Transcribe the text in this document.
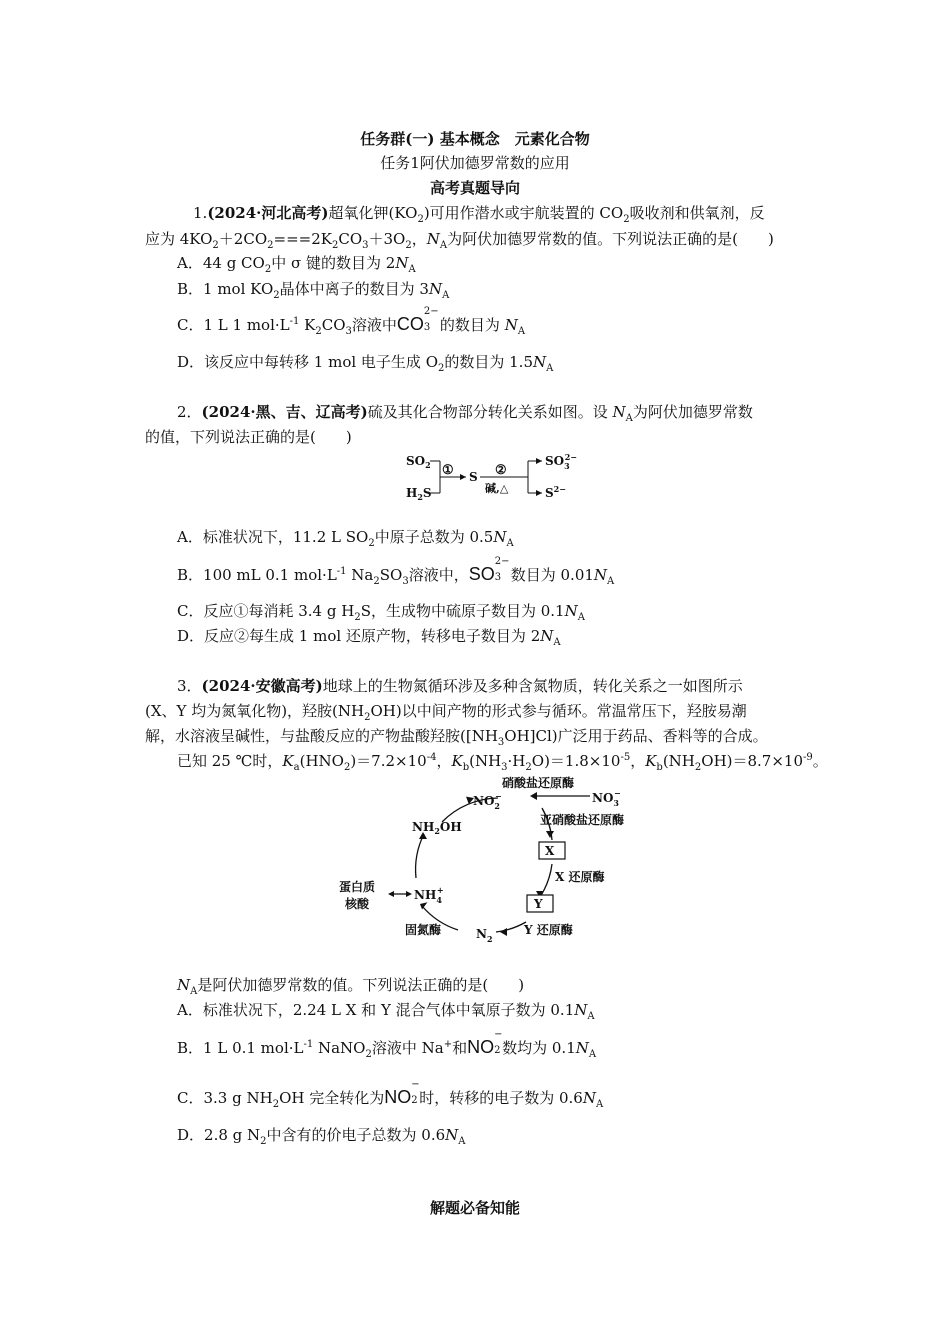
任务群(一) 基本概念　元素化合物
任务1阿伏加德罗常数的应用
高考真题导向
1.(2024·河北高考)超氧化钾$(KO_2)$可用作潜水或宇航装置的 $CO_2$吸收剂和供氧剂，反
应为 $4KO_2+2CO_2===2K_2CO_3+3O_2$，$N_A$为阿伏加德罗常数的值。下列说法正确的是(　　)
A．44 g $CO_2$中 σ 键的数目为 $2N_A$
B．1 mol $KO_2$晶体中离子的数目为 $3N_A$
C．1 L 1 $mol\cdot L^{-1}$ $K_2CO_3$溶液中CO
2−
3 的数目为 $N_A$
D．该反应中每转移 1 mol 电子生成 $O_2$的数目为 $1.5N_A$
2．(2024·黑、吉、辽高考)硫及其化合物部分转化关系如图。设 $N_A$为阿伏加德罗常数
的值，下列说法正确的是(　　)
$SO_2$
$H_2S$
① S ②
碱,△
$SO_32-$
$S^{2-}$
A．标准状况下，11.2 L $SO_2$中原子总数为 $0.5N_A$
B．100 mL 0.1 $mol\cdot L^{-1}$ $Na_2SO_3$溶液中，SO
2−
3 数目为 $0.01N_A$
C．反应①每消耗 3.4 g $H_2S$，生成物中硫原子数目为 $0.1N_A$
D．反应②每生成 1 mol 还原产物，转移电子数目为 $2N_A$
3．(2024·安徽高考)地球上的生物氮循环涉及多种含氮物质，转化关系之一如图所示
(X、Y 均为氮氧化物)，羟胺$(NH_2OH)$以中间产物的形式参与循环。常温常压下，羟胺易潮
解，水溶液呈碱性，与盐酸反应的产物盐酸羟胺$([NH_3OH]Cl)$广泛用于药品、香料等的合成。
已知 25 ℃时，$K_a(HNO_2)=7.2\times 10^{-4}$，$K_b(NH_3\cdot H_2O)=1.8\times 10^{-5}$，$K_b(NH_2OH)=8.7\times 10^{-9}$。
硝酸盐还原酶
$NO_2-$	$NO_3-$
亚硝酸盐还原酶
X
X 还原酶
Y
Y 还原酶
$N_2$
固氮酶
$NH_4+$
$NH_2OH$
蛋白质
核酸
$N_A$是阿伏加德罗常数的值。下列说法正确的是(　　)
A．标准状况下，2.24 L X 和 Y 混合气体中氧原子数为 $0.1N_A$
B．1 L 0.1 $mol\cdot L^{-1}$ NaNO$_2$溶液中 Na+和NO
−
2 数均为 $0.1N_A$
C．3.3 g $NH_2OH$ 完全转化为NO
−
2 时，转移的电子数为 $0.6N_A$
D．2.8 g $N_2$中含有的价电子总数为 $0.6N_A$
解题必备知能
